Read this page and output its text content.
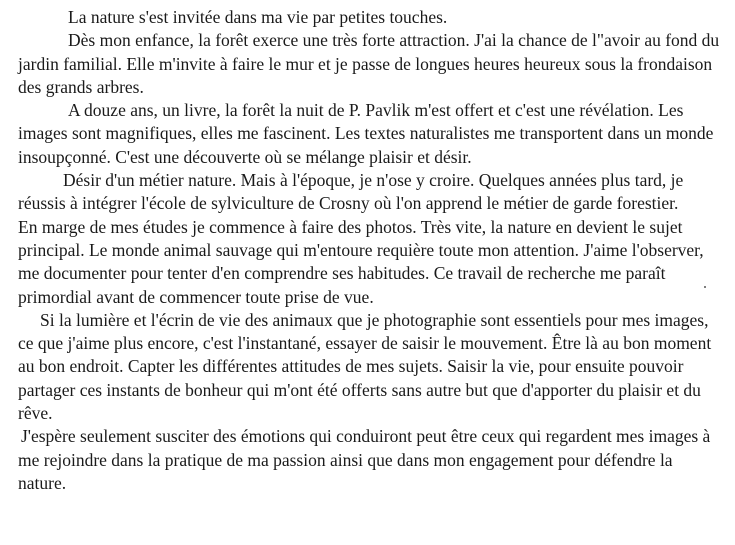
La nature s'est invitée dans ma vie par petites touches.

Dès mon enfance, la forêt exerce une très forte attraction. J'ai la chance de l"avoir au fond du jardin familial. Elle m'invite à faire le mur et je passe de longues heures heureux sous la frondaison des grands arbres.

A douze ans, un livre, la forêt la nuit de P. Pavlik m'est offert et c'est une révélation. Les images sont magnifiques, elles me fascinent. Les textes naturalistes me transportent dans un monde insoupçonné. C'est une découverte où se mélange plaisir et désir.

Désir d'un métier nature. Mais à l'époque, je n'ose y croire. Quelques années plus tard, je réussis à intégrer l'école de sylviculture de Crosny où l'on apprend le métier de garde forestier.

En marge de mes études je commence à faire des photos. Très vite, la nature en devient le sujet principal. Le monde animal sauvage qui m'entoure requière toute mon attention. J'aime l'observer, me documenter pour tenter d'en comprendre ses habitudes. Ce travail de recherche me paraît primordial avant de commencer toute prise de vue.

Si la lumière et l'écrin de vie des animaux que je photographie sont essentiels pour mes images, ce que j'aime plus encore, c'est l'instantané, essayer de saisir le mouvement. Être là au bon moment au bon endroit. Capter les différentes attitudes de mes sujets. Saisir la vie, pour ensuite pouvoir partager ces instants de bonheur qui m'ont été offerts sans autre but que d'apporter du plaisir et du rêve.

J'espère seulement susciter des émotions qui conduiront peut être ceux qui regardent mes images à me rejoindre dans la pratique de ma passion ainsi que dans mon engagement pour défendre la nature.
